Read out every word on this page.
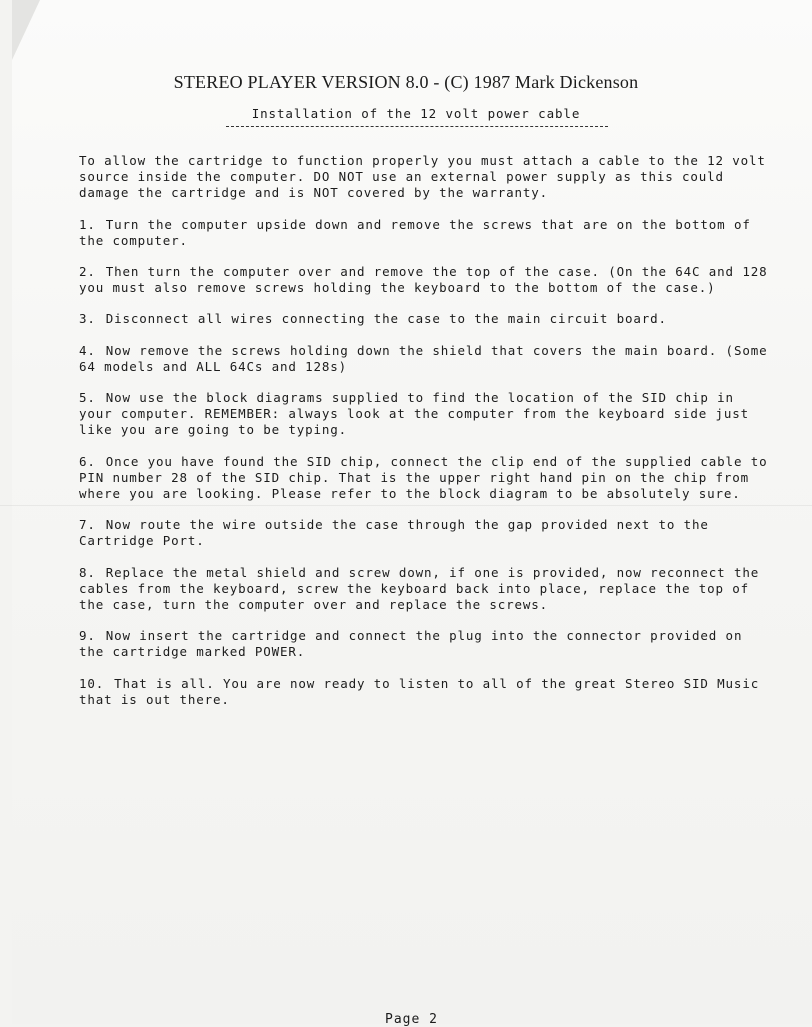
STEREO PLAYER VERSION 8.0 - (C) 1987 Mark Dickenson
Installation of the 12 volt power cable

To allow the cartridge to function properly you must attach a cable to the 12 volt source inside the computer. DO NOT use an external power supply as this could damage the cartridge and is NOT covered by the warranty.

1. Turn the computer upside down and remove the screws that are on the bottom of the computer.

2. Then turn the computer over and remove the top of the case. (On the 64C and 128 you must also remove screws holding the keyboard to the bottom of the case.)

3. Disconnect all wires connecting the case to the main circuit board.

4. Now remove the screws holding down the shield that covers the main board. (Some 64 models and ALL 64Cs and 128s)

5. Now use the block diagrams supplied to find the location of the SID chip in your computer. REMEMBER: always look at the computer from the keyboard side just like you are going to be typing.

6. Once you have found the SID chip, connect the clip end of the supplied cable to PIN number 28 of the SID chip. That is the upper right hand pin on the chip from where you are looking. Please refer to the block diagram to be absolutely sure.

7. Now route the wire outside the case through the gap provided next to the Cartridge Port.

8. Replace the metal shield and screw down, if one is provided, now reconnect the cables from the keyboard, screw the keyboard back into place, replace the top of the case, turn the computer over and replace the screws.

9. Now insert the cartridge and connect the plug into the connector provided on the cartridge marked POWER.

10. That is all. You are now ready to listen to all of the great Stereo SID Music that is out there.

Page 2
